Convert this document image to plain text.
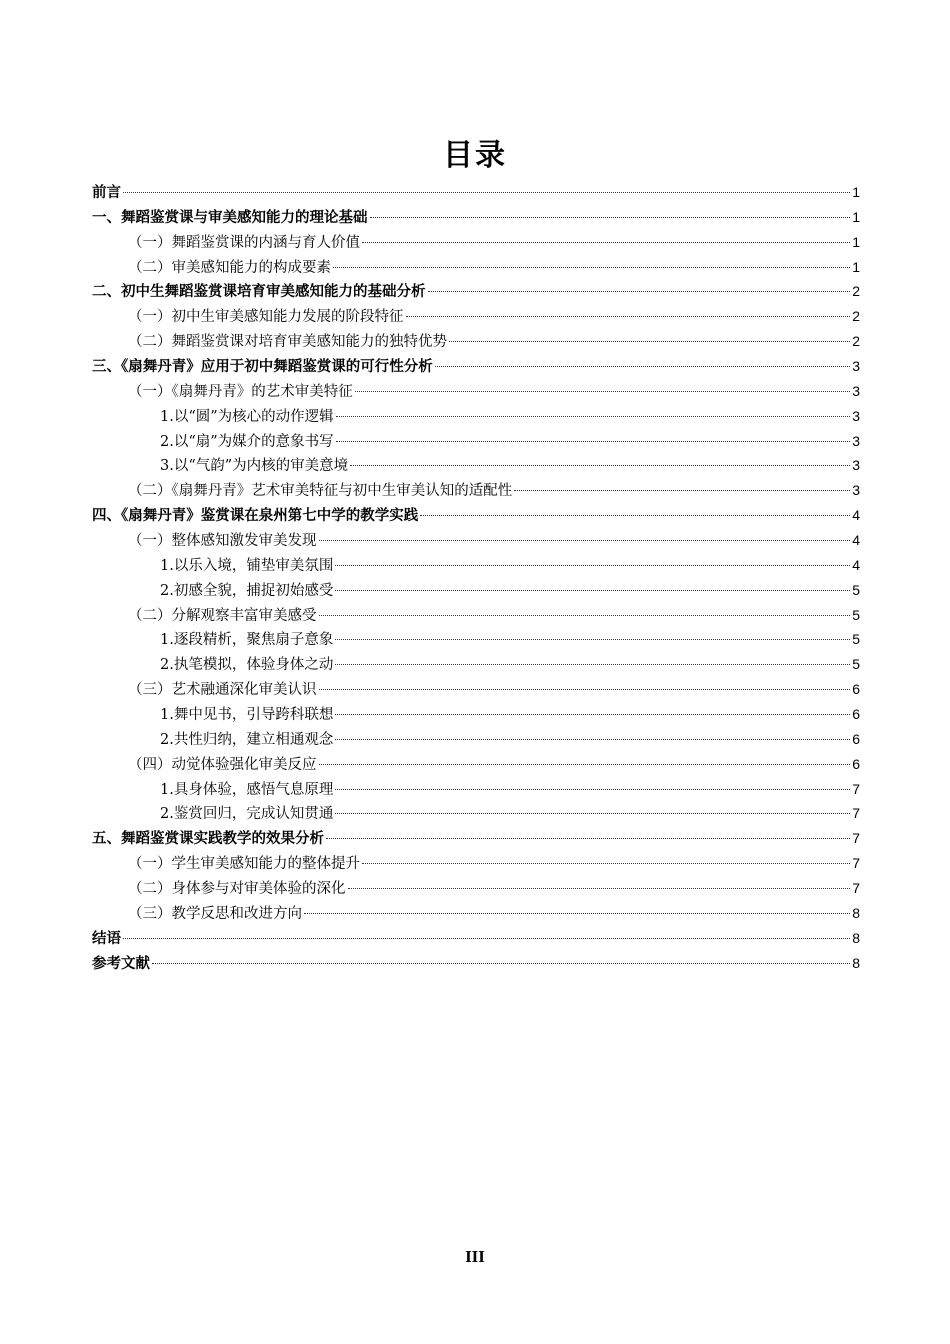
目录
前言	1
一、舞蹈鉴赏课与审美感知能力的理论基础	1
（一）舞蹈鉴赏课的内涵与育人价值	1
（二）审美感知能力的构成要素	1
二、初中生舞蹈鉴赏课培育审美感知能力的基础分析	2
（一）初中生审美感知能力发展的阶段特征	2
（二）舞蹈鉴赏课对培育审美感知能力的独特优势	2
三、《扇舞丹青》应用于初中舞蹈鉴赏课的可行性分析	3
（一）《扇舞丹青》的艺术审美特征	3
1.以“圆”为核心的动作逻辑	3
2.以“扇”为媒介的意象书写	3
3.以“气韵”为内核的审美意境	3
（二）《扇舞丹青》艺术审美特征与初中生审美认知的适配性	3
四、《扇舞丹青》鉴赏课在泉州第七中学的教学实践	4
（一）整体感知激发审美发现	4
1.以乐入境，铺垫审美氛围	4
2.初感全貌，捕捉初始感受	5
（二）分解观察丰富审美感受	5
1.逐段精析，聚焦扇子意象	5
2.执笔模拟，体验身体之动	5
（三）艺术融通深化审美认识	6
1.舞中见书，引导跨科联想	6
2.共性归纳，建立相通观念	6
（四）动觉体验强化审美反应	6
1.具身体验，感悟气息原理	7
2.鉴赏回归，完成认知贯通	7
五、舞蹈鉴赏课实践教学的效果分析	7
（一）学生审美感知能力的整体提升	7
（二）身体参与对审美体验的深化	7
（三）教学反思和改进方向	8
结语	8
参考文献	8
III
